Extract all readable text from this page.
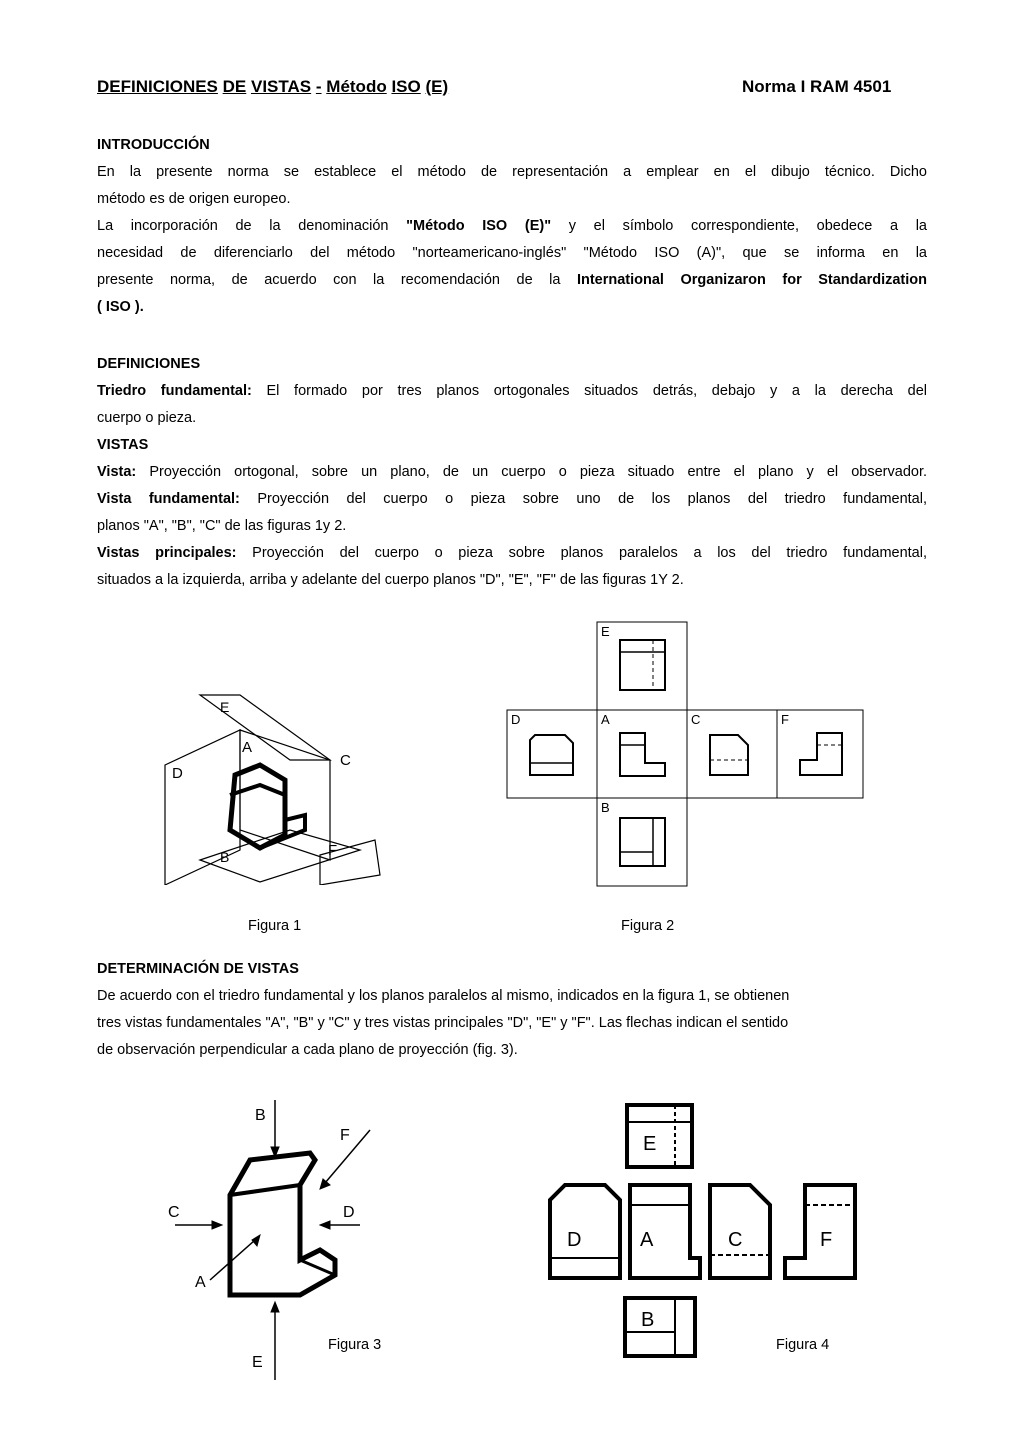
DEFINICIONES DE VISTAS - Método ISO (E)	Norma I RAM 4501
INTRODUCCIÓN
En la presente norma se establece el método de representación a emplear en el dibujo técnico. Dicho
método es de origen europeo.
La incorporación de la denominación "Método ISO (E)" y el símbolo correspondiente, obedece a la
necesidad de diferenciarlo del método "norteamericano-inglés" "Método ISO (A)", que se informa en la
presente norma, de acuerdo con la recomendación de la International Organizaron for Standardization
( ISO ).
DEFINICIONES
Triedro fundamental: El formado por tres planos ortogonales situados detrás, debajo y a la derecha del
cuerpo o pieza.
VISTAS
Vista: Proyección ortogonal, sobre un plano, de un cuerpo o pieza situado entre el plano y el observador.
Vista fundamental: Proyección del cuerpo o pieza sobre uno de los planos del triedro fundamental,
planos "A", "B", "C" de las figuras 1y 2.
Vistas principales: Proyección del cuerpo o pieza sobre planos paralelos a los del triedro fundamental,
situados a la izquierda, arriba y adelante del cuerpo planos "D", "E", "F" de las figuras 1Y 2.
A
D
C
F
B
E
E
D	A	C	F
B
Figura 1	Figura 2
DETERMINACIÓN DE VISTAS
De acuerdo con el triedro fundamental y los planos paralelos al mismo, indicados en la figura 1, se obtienen
tres vistas fundamentales "A", "B" y "C" y tres vistas principales "D", "E" y "F". Las flechas indican el sentido
de observación perpendicular a cada plano de proyección (fig. 3).
B
C	D
F
A
E
E
D	A	C	F
B
Figura 3	Figura 4
